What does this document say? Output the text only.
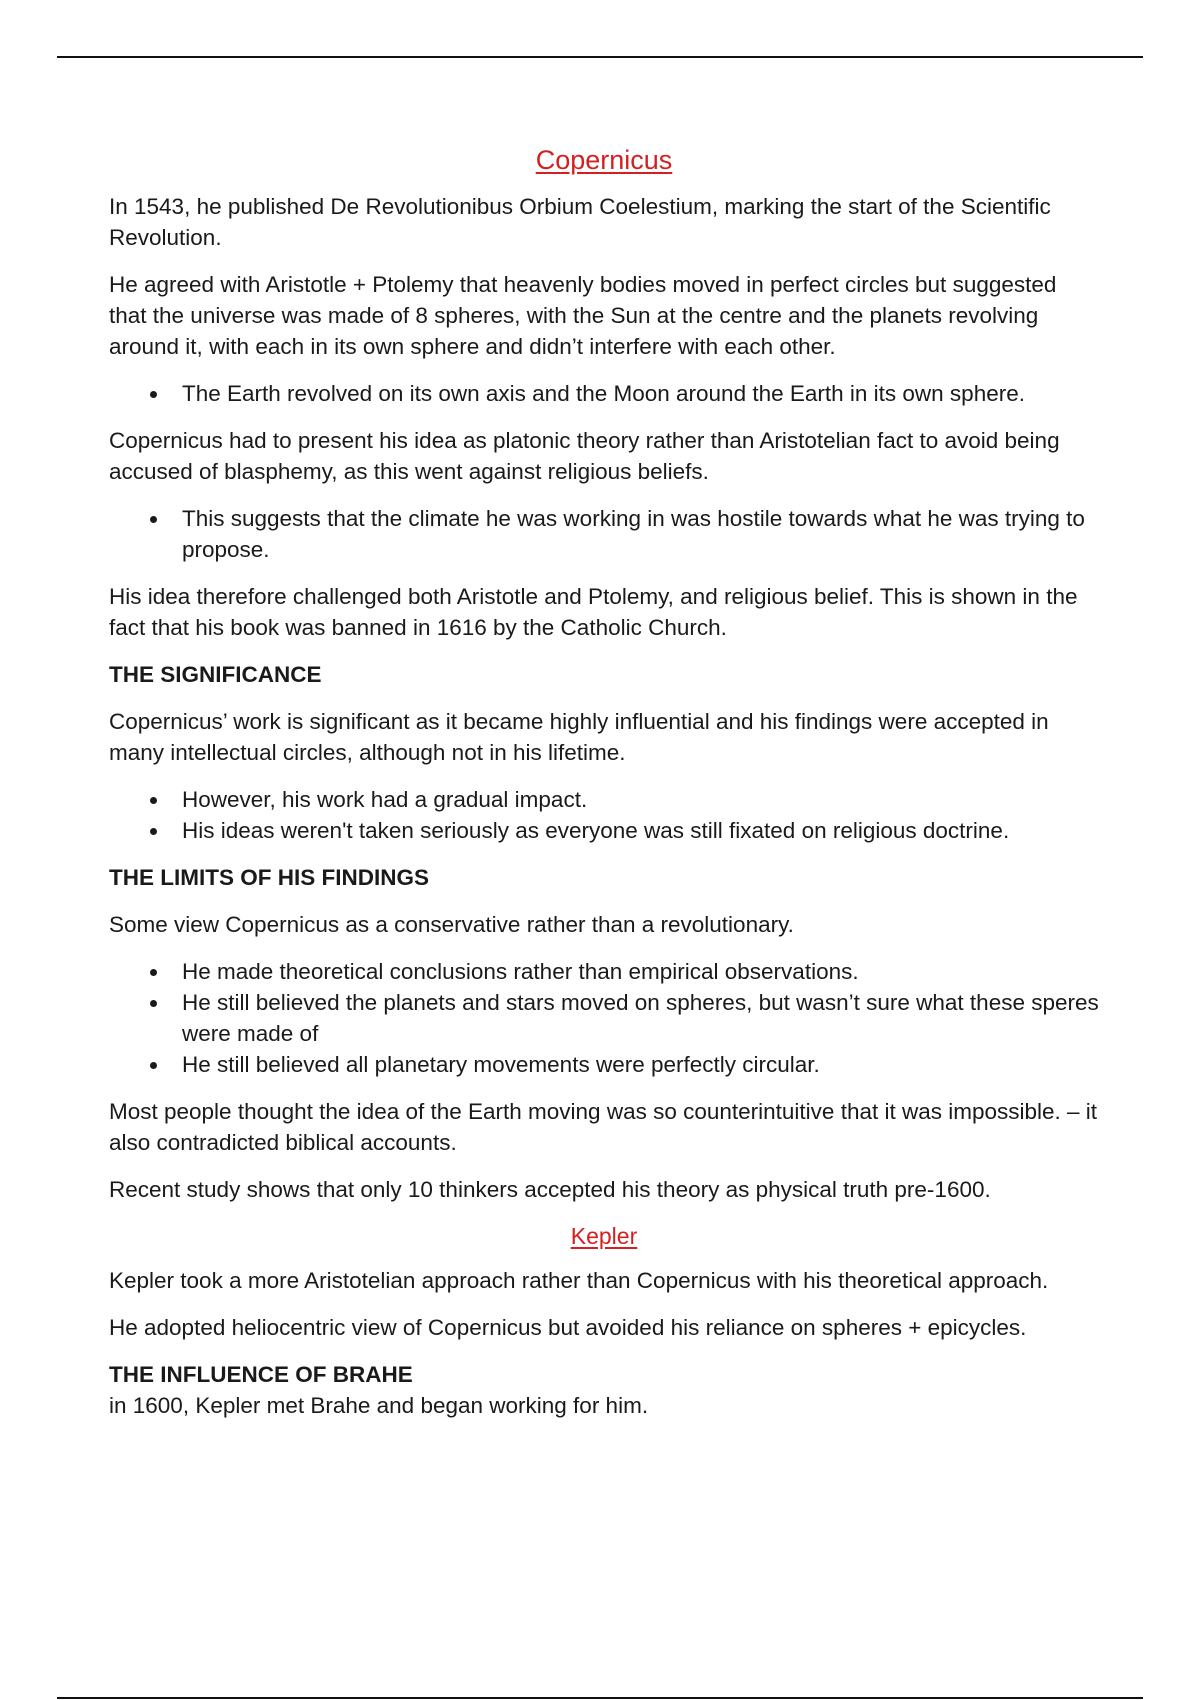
Copernicus

In 1543, he published De Revolutionibus Orbium Coelestium, marking the start of the Scientific Revolution.

He agreed with Aristotle + Ptolemy that heavenly bodies moved in perfect circles but suggested that the universe was made of 8 spheres, with the Sun at the centre and the planets revolving around it, with each in its own sphere and didn’t interfere with each other.

The Earth revolved on its own axis and the Moon around the Earth in its own sphere.

Copernicus had to present his idea as platonic theory rather than Aristotelian fact to avoid being accused of blasphemy, as this went against religious beliefs.

This suggests that the climate he was working in was hostile towards what he was trying to propose.

His idea therefore challenged both Aristotle and Ptolemy, and religious belief. This is shown in the fact that his book was banned in 1616 by the Catholic Church.

THE SIGNIFICANCE

Copernicus’ work is significant as it became highly influential and his findings were accepted in many intellectual circles, although not in his lifetime.

However, his work had a gradual impact.
His ideas weren't taken seriously as everyone was still fixated on religious doctrine.
THE LIMITS OF HIS FINDINGS

Some view Copernicus as a conservative rather than a revolutionary.

He made theoretical conclusions rather than empirical observations.
He still believed the planets and stars moved on spheres, but wasn’t sure what these speres were made of
He still believed all planetary movements were perfectly circular.

Most people thought the idea of the Earth moving was so counterintuitive that it was impossible. – it also contradicted biblical accounts.

Recent study shows that only 10 thinkers accepted his theory as physical truth pre-1600.

Kepler

Kepler took a more Aristotelian approach rather than Copernicus with his theoretical approach.

He adopted heliocentric view of Copernicus but avoided his reliance on spheres + epicycles.

THE INFLUENCE OF BRAHE

in 1600, Kepler met Brahe and began working for him.
